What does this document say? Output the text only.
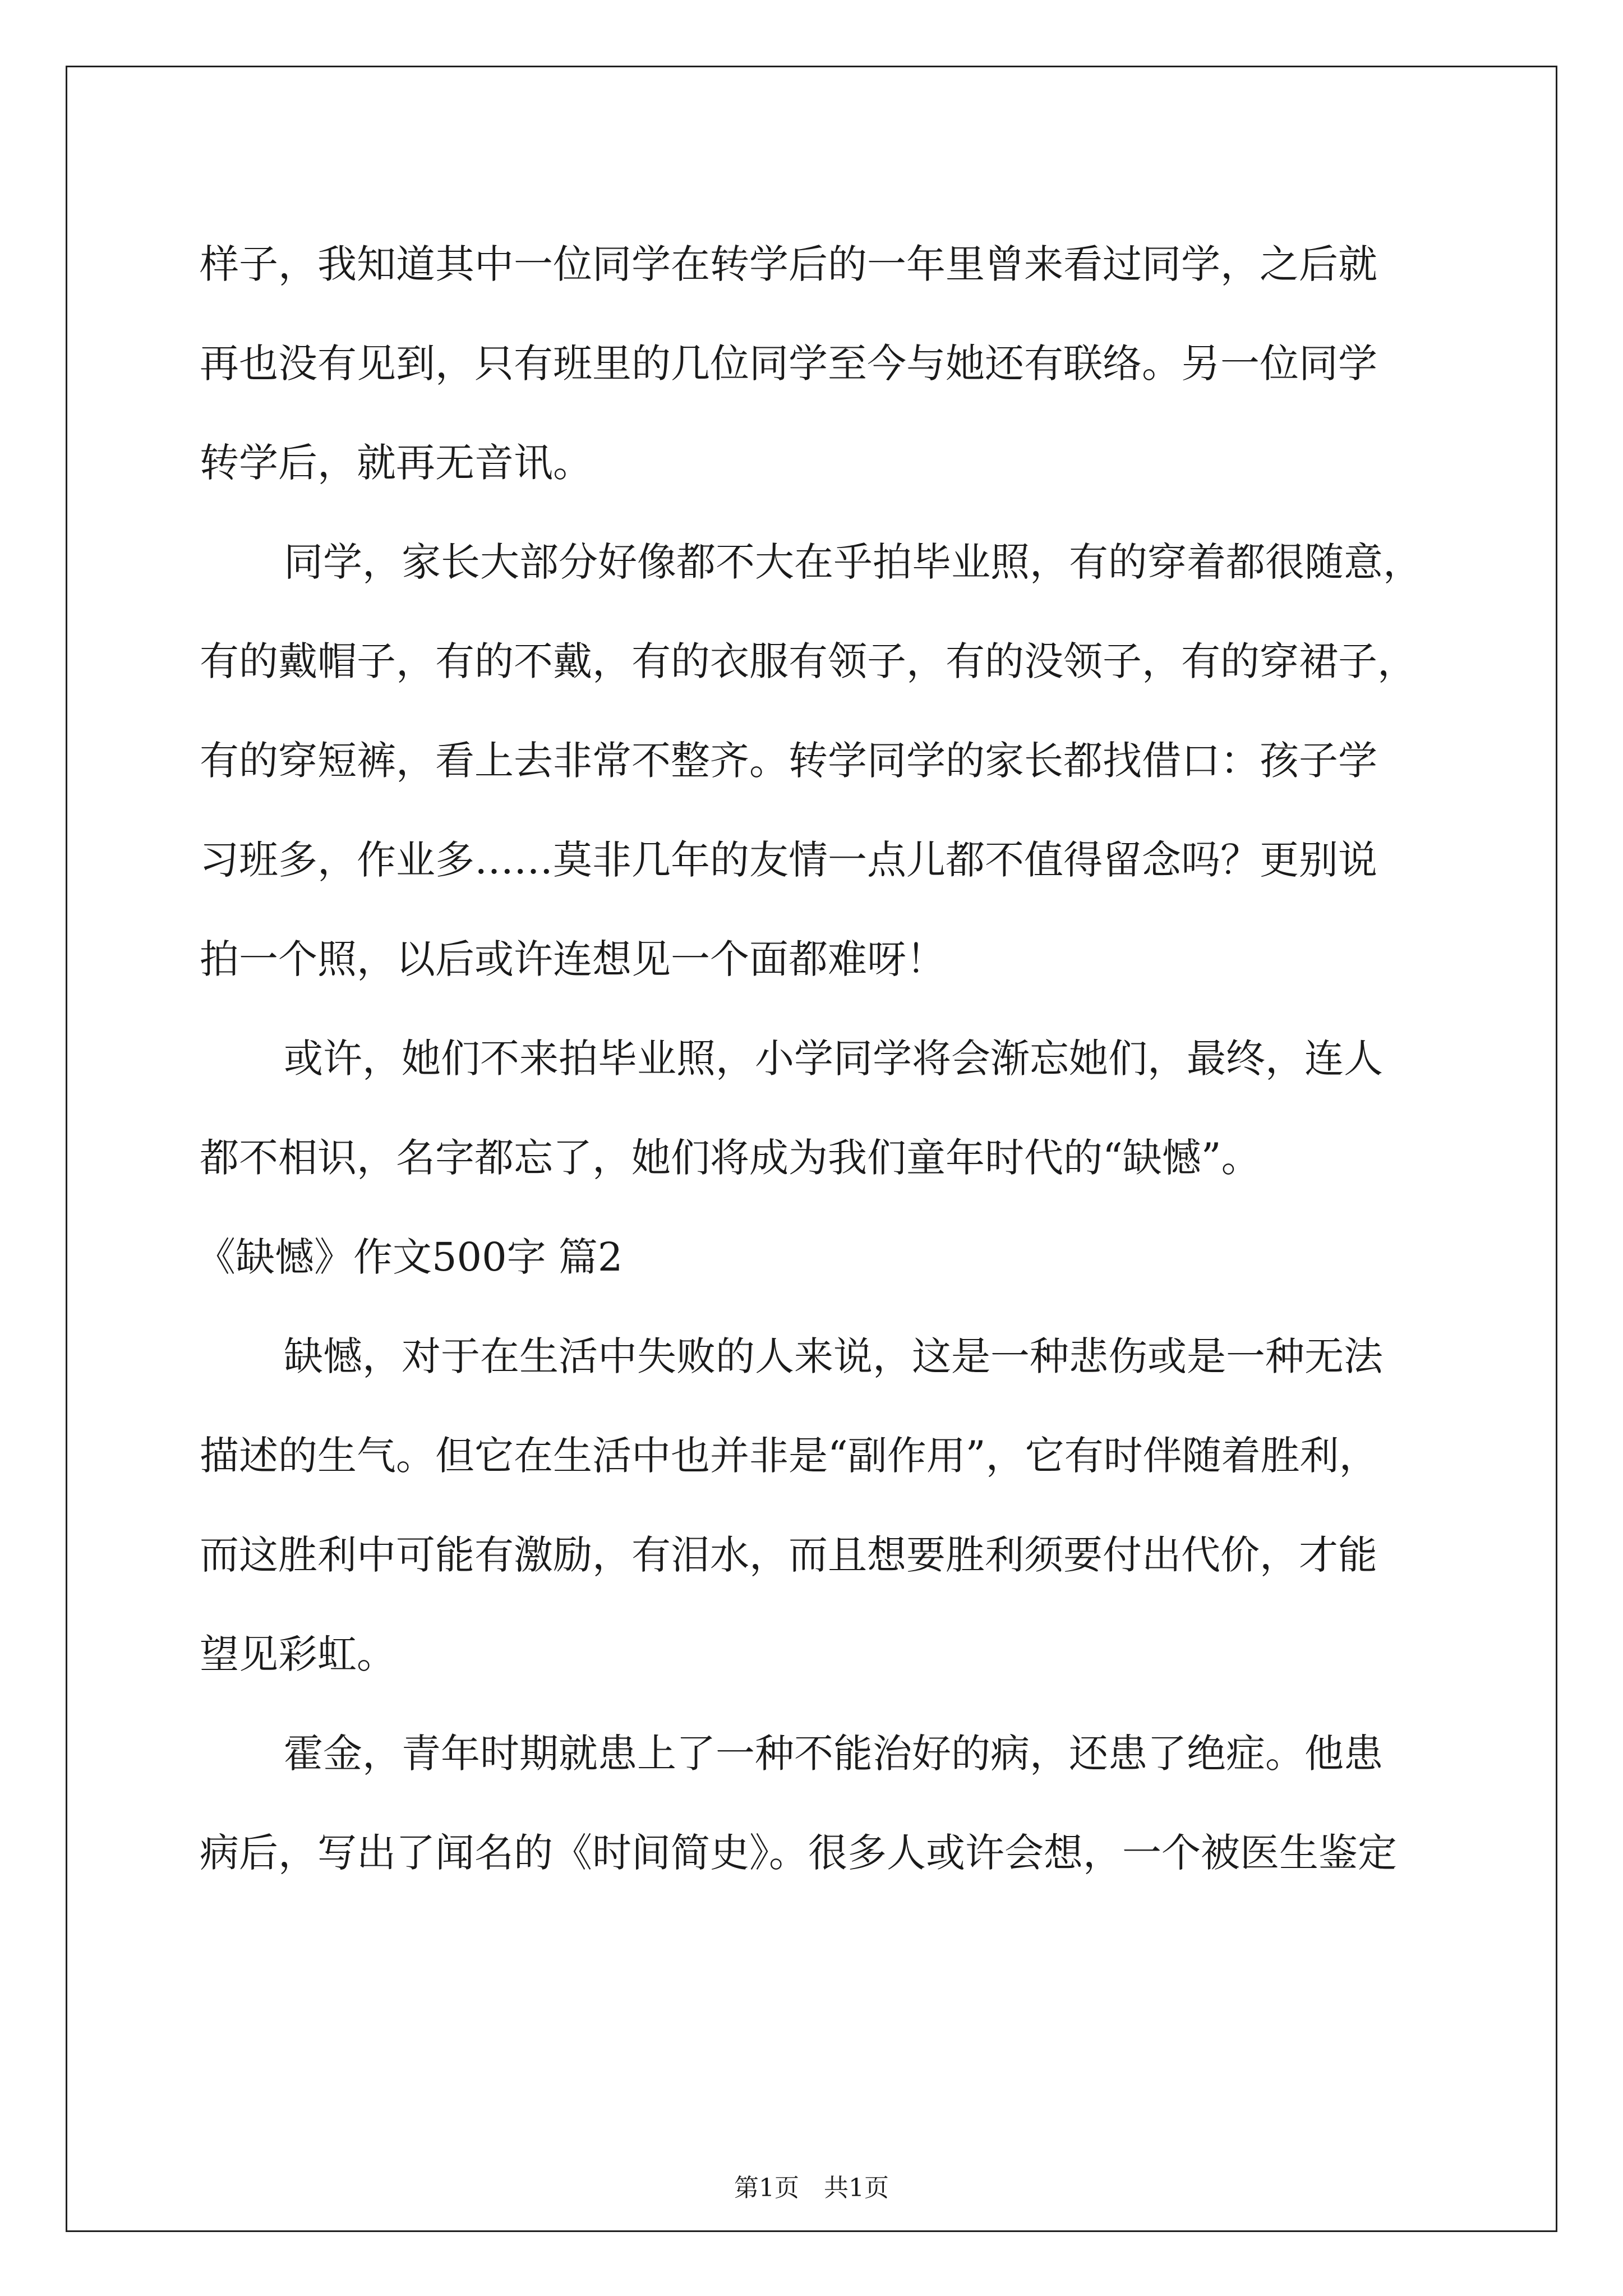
样子，我知道其中一位同学在转学后的一年里曾来看过同学，之后就
再也没有见到，只有班里的几位同学至今与她还有联络。另一位同学
转学后，就再无音讯。
同学，家长大部分好像都不大在乎拍毕业照，有的穿着都很随意，
有的戴帽子，有的不戴，有的衣服有领子，有的没领子，有的穿裙子，
有的穿短裤，看上去非常不整齐。转学同学的家长都找借口：孩子学
习班多，作业多……莫非几年的友情一点儿都不值得留念吗？更别说
拍一个照，以后或许连想见一个面都难呀！
或许，她们不来拍毕业照，小学同学将会渐忘她们，最终，连人
都不相识，名字都忘了，她们将成为我们童年时代的“缺憾”。
《缺憾》作文500字 篇2
缺憾，对于在生活中失败的人来说，这是一种悲伤或是一种无法
描述的生气。但它在生活中也并非是“副作用”，它有时伴随着胜利，
而这胜利中可能有激励，有泪水，而且想要胜利须要付出代价，才能
望见彩虹。
霍金，青年时期就患上了一种不能治好的病，还患了绝症。他患
病后，写出了闻名的《时间简史》。很多人或许会想，一个被医生鉴定
第1页　共1页
